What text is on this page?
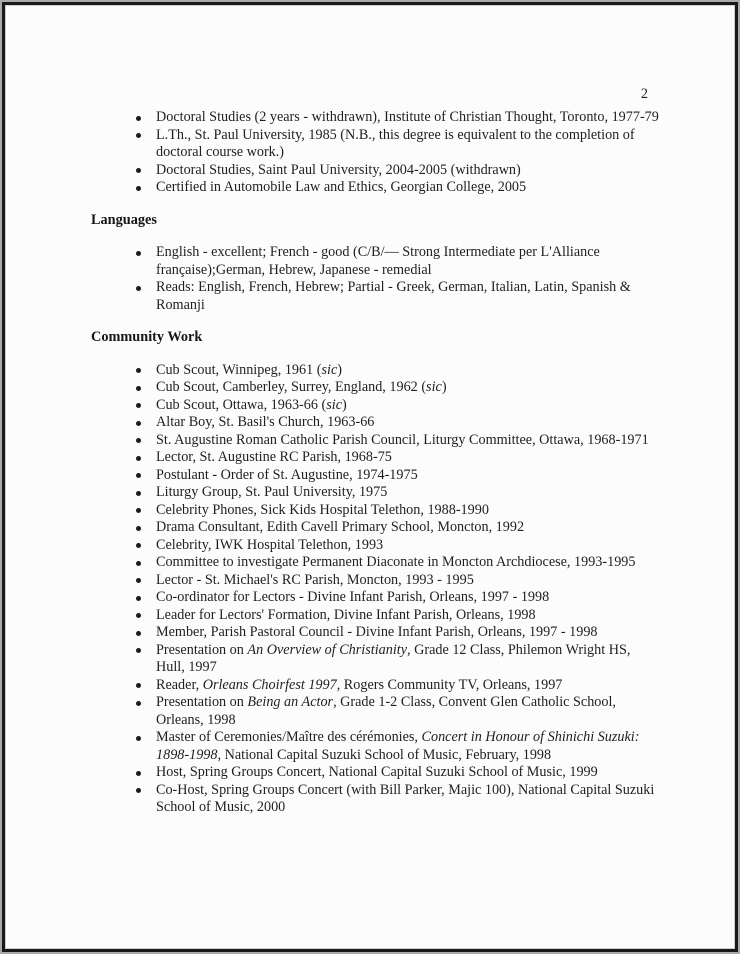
2
Doctoral Studies (2 years - withdrawn), Institute of Christian Thought, Toronto, 1977-79
L.Th., St. Paul University, 1985 (N.B., this degree is equivalent to the completion of doctoral course work.)
Doctoral Studies, Saint Paul University, 2004-2005 (withdrawn)
Certified in Automobile Law and Ethics, Georgian College, 2005
Languages
English - excellent; French - good (C/B/— Strong Intermediate per L'Alliance française);German, Hebrew, Japanese - remedial
Reads: English, French, Hebrew; Partial - Greek, German, Italian, Latin, Spanish & Romanji
Community Work
Cub Scout, Winnipeg, 1961 (sic)
Cub Scout, Camberley, Surrey, England, 1962 (sic)
Cub Scout, Ottawa, 1963-66 (sic)
Altar Boy, St. Basil's Church, 1963-66
St. Augustine Roman Catholic Parish Council, Liturgy Committee, Ottawa, 1968-1971
Lector, St. Augustine RC Parish, 1968-75
Postulant - Order of St. Augustine, 1974-1975
Liturgy Group, St. Paul University, 1975
Celebrity Phones, Sick Kids Hospital Telethon, 1988-1990
Drama Consultant, Edith Cavell Primary School, Moncton, 1992
Celebrity, IWK Hospital Telethon, 1993
Committee to investigate Permanent Diaconate in Moncton Archdiocese, 1993-1995
Lector - St. Michael's RC Parish, Moncton, 1993 - 1995
Co-ordinator for Lectors - Divine Infant Parish, Orleans, 1997 - 1998
Leader for Lectors' Formation, Divine Infant Parish, Orleans, 1998
Member, Parish Pastoral Council - Divine Infant Parish, Orleans, 1997 - 1998
Presentation on An Overview of Christianity, Grade 12 Class, Philemon Wright HS, Hull, 1997
Reader, Orleans Choirfest 1997, Rogers Community TV, Orleans, 1997
Presentation on Being an Actor, Grade 1-2 Class, Convent Glen Catholic School, Orleans, 1998
Master of Ceremonies/Maître des cérémonies, Concert in Honour of Shinichi Suzuki: 1898-1998, National Capital Suzuki School of Music, February, 1998
Host, Spring Groups Concert, National Capital Suzuki School of Music, 1999
Co-Host, Spring Groups Concert (with Bill Parker, Majic 100), National Capital Suzuki School of Music, 2000
